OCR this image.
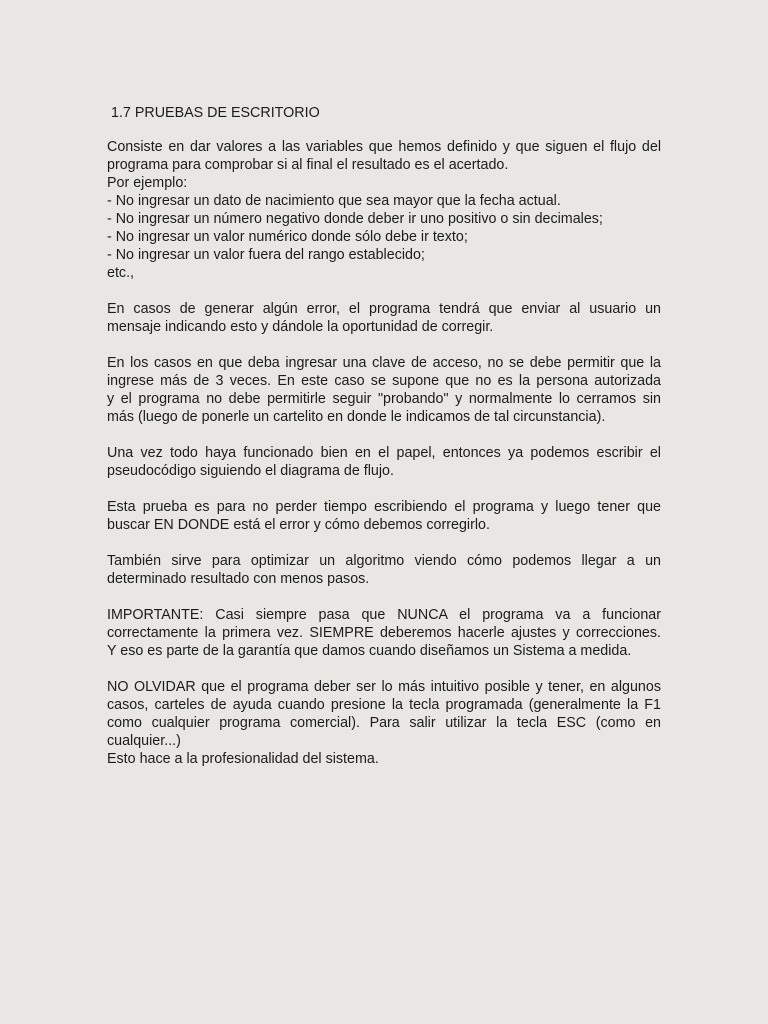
1.7 PRUEBAS DE ESCRITORIO
Consiste en dar valores a las variables que hemos definido y que siguen el flujo del
programa para comprobar si al final el resultado es el acertado.
Por ejemplo:
- No ingresar un dato de nacimiento que sea mayor que la fecha actual.
- No ingresar un número negativo donde deber ir uno positivo o sin decimales;
- No ingresar un valor numérico donde sólo debe ir texto;
- No ingresar un valor fuera del rango establecido;
etc.,
En casos de generar algún error, el programa tendrá que enviar al usuario un
mensaje indicando esto y dándole la oportunidad de corregir.
En los casos en que deba ingresar una clave de acceso, no se debe permitir que la
ingrese más de 3 veces. En este caso se supone que no es la persona autorizada
y el programa no debe permitirle seguir "probando" y normalmente lo cerramos sin
más (luego de ponerle un cartelito en donde le indicamos de tal circunstancia).
Una vez todo haya funcionado bien en el papel, entonces ya podemos escribir el
pseudocódigo siguiendo el diagrama de flujo.
Esta prueba es para no perder tiempo escribiendo el programa y luego tener que
buscar EN DONDE está el error y cómo debemos corregirlo.
También sirve para optimizar un algoritmo viendo cómo podemos llegar a un
determinado resultado con menos pasos.
IMPORTANTE: Casi siempre pasa que NUNCA el programa va a funcionar
correctamente la primera vez. SIEMPRE deberemos hacerle ajustes y correcciones.
Y eso es parte de la garantía que damos cuando diseñamos un Sistema a medida.
NO OLVIDAR que el programa deber ser lo más intuitivo posible y tener, en algunos
casos, carteles de ayuda cuando presione la tecla programada (generalmente la F1
como cualquier programa comercial). Para salir utilizar la tecla ESC (como en
cualquier...)
Esto hace a la profesionalidad del sistema.
